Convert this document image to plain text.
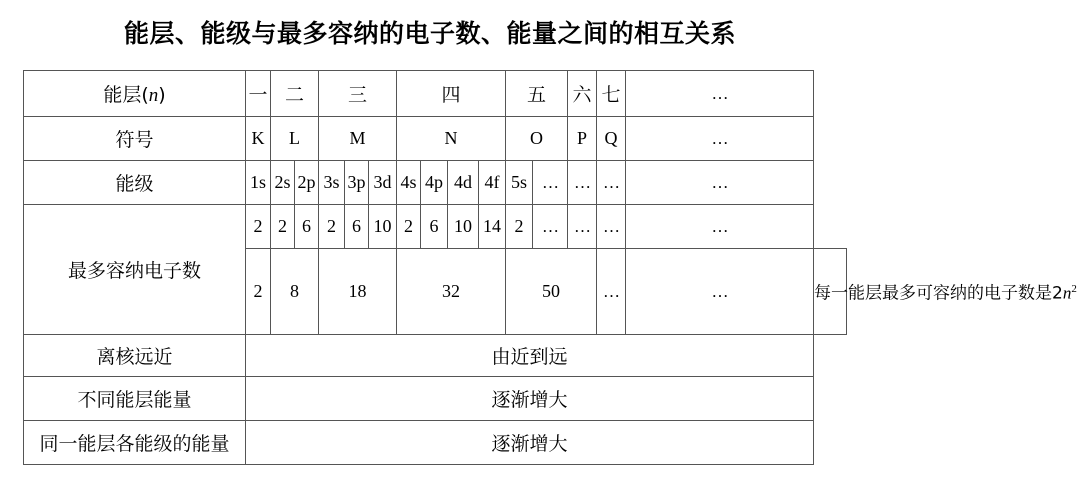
能层、能级与最多容纳的电子数、能量之间的相互关系
能层(n)	一	二		三			四				五		六	七	…	
符号	K	L		M			N				O		P	Q	…	
能级	1s	2s	2p	3s	3p	3d	4s	4p	4d	4f	5s	…	…	…	…	
最多容纳电子数	2	2	6	2	6	10	2	6	10	14	2	…	…	…	…	
	2	8		18			32				50			…	…	每一能层最多可容纳的电子数是$2n^2$
离核远近	由近到远															
不同能层能量	逐渐增大															
同一能层各能级的能量	逐渐增大															
